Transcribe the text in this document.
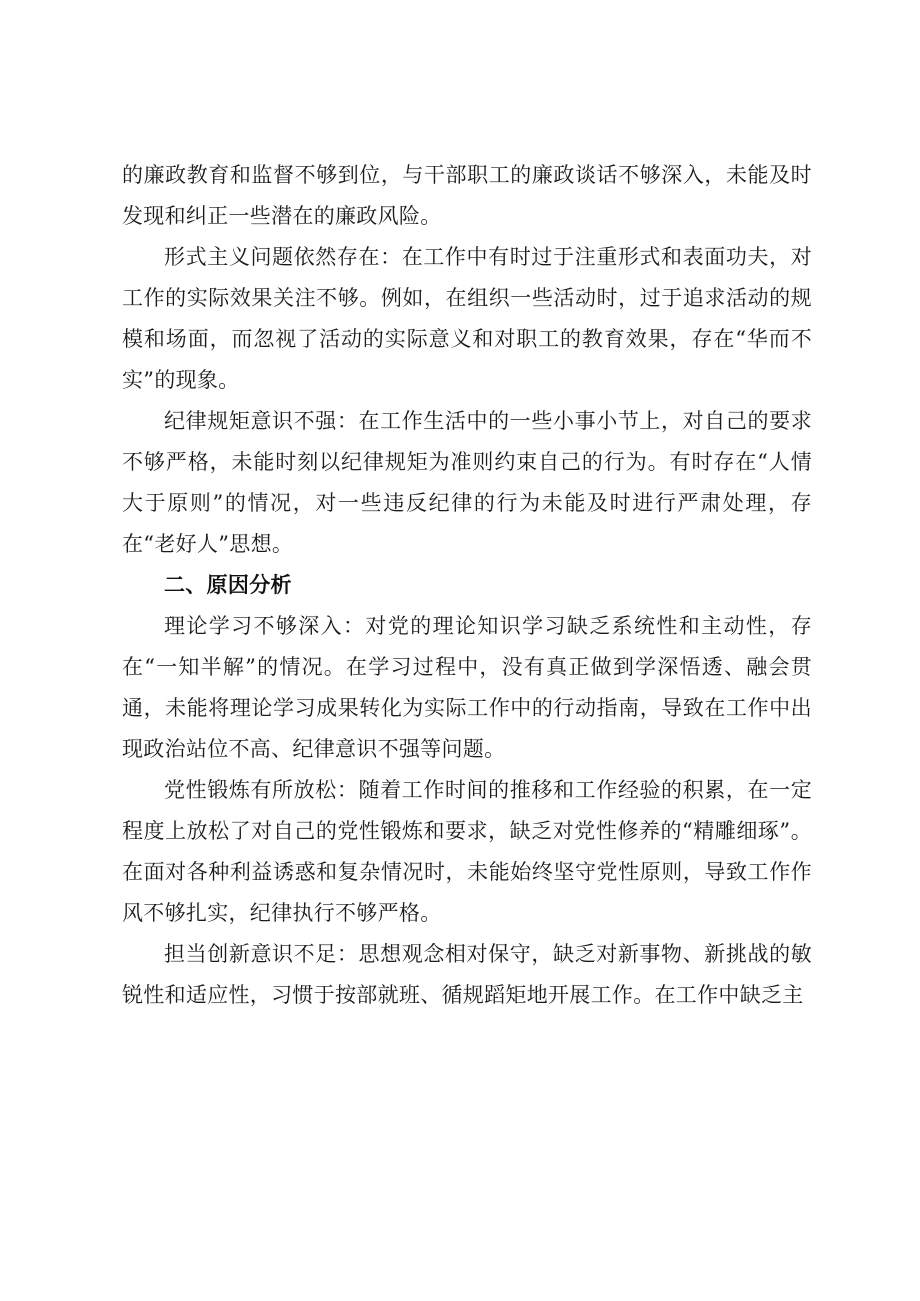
的廉政教育和监督不够到位，与干部职工的廉政谈话不够深入，未能及时发现和纠正一些潜在的廉政风险。

形式主义问题依然存在：在工作中有时过于注重形式和表面功夫，对工作的实际效果关注不够。例如，在组织一些活动时，过于追求活动的规模和场面，而忽视了活动的实际意义和对职工的教育效果，存在“华而不实”的现象。

纪律规矩意识不强：在工作生活中的一些小事小节上，对自己的要求不够严格，未能时刻以纪律规矩为准则约束自己的行为。有时存在“人情大于原则”的情况，对一些违反纪律的行为未能及时进行严肃处理，存在“老好人”思想。

二、原因分析

理论学习不够深入：对党的理论知识学习缺乏系统性和主动性，存在“一知半解”的情况。在学习过程中，没有真正做到学深悟透、融会贯通，未能将理论学习成果转化为实际工作中的行动指南，导致在工作中出现政治站位不高、纪律意识不强等问题。

党性锻炼有所放松：随着工作时间的推移和工作经验的积累，在一定程度上放松了对自己的党性锻炼和要求，缺乏对党性修养的“精雕细琢”。在面对各种利益诱惑和复杂情况时，未能始终坚守党性原则，导致工作作风不够扎实，纪律执行不够严格。

担当创新意识不足：思想观念相对保守，缺乏对新事物、新挑战的敏锐性和适应性，习惯于按部就班、循规蹈矩地开展工作。在工作中缺乏主
